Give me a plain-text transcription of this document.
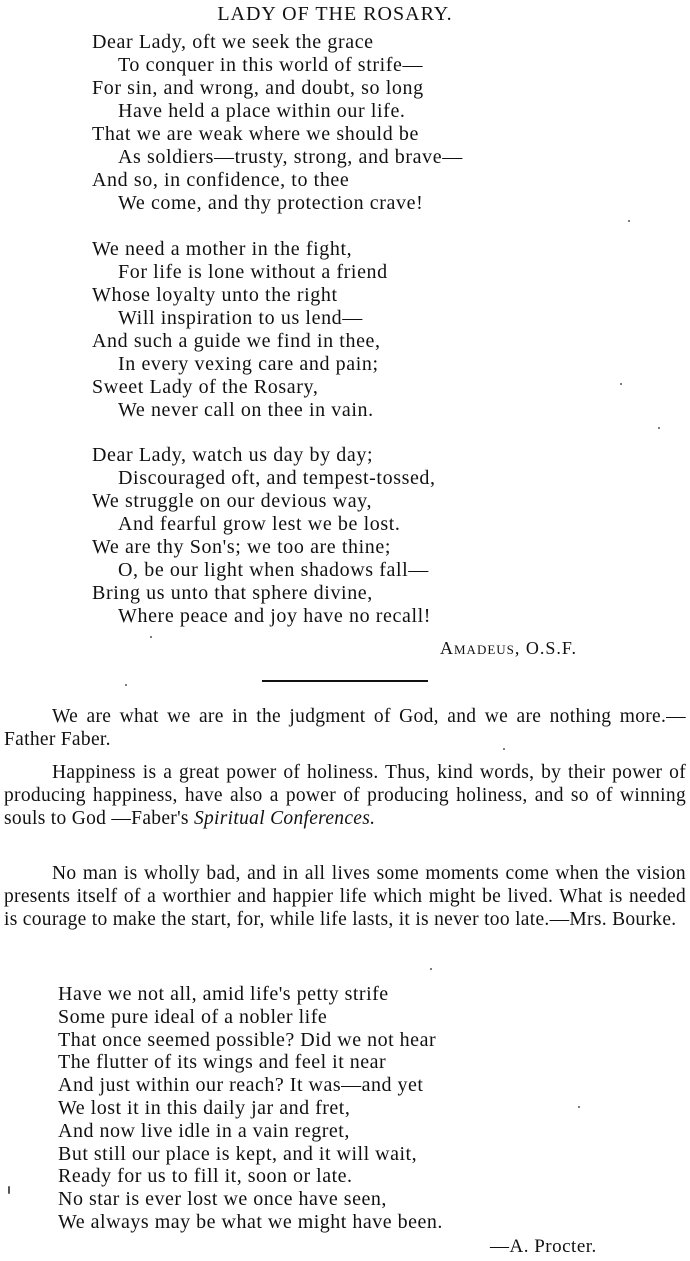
LADY OF THE ROSARY.
Dear Lady, oft we seek the grace
To conquer in this world of strife—
For sin, and wrong, and doubt, so long
Have held a place within our life.
That we are weak where we should be
As soldiers—trusty, strong, and brave—
And so, in confidence, to thee
We come, and thy protection crave!
We need a mother in the fight,
For life is lone without a friend
Whose loyalty unto the right
Will inspiration to us lend—
And such a guide we find in thee,
In every vexing care and pain;
Sweet Lady of the Rosary,
We never call on thee in vain.
Dear Lady, watch us day by day;
Discouraged oft, and tempest-tossed,
We struggle on our devious way,
And fearful grow lest we be lost.
We are thy Son's; we too are thine;
O, be our light when shadows fall—
Bring us unto that sphere divine,
Where peace and joy have no recall!
Amadeus, O.S.F.
We are what we are in the judgment of God, and we are nothing more.—Father Faber.
Happiness is a great power of holiness. Thus, kind words, by their power of producing happiness, have also a power of producing holiness, and so of winning souls to God —Faber's Spiritual Conferences.
No man is wholly bad, and in all lives some moments come when the vision presents itself of a worthier and happier life which might be lived. What is needed is courage to make the start, for, while life lasts, it is never too late.—Mrs. Bourke.
Have we not all, amid life's petty strife
Some pure ideal of a nobler life
That once seemed possible? Did we not hear
The flutter of its wings and feel it near
And just within our reach? It was—and yet
We lost it in this daily jar and fret,
And now live idle in a vain regret,
But still our place is kept, and it will wait,
Ready for us to fill it, soon or late.
No star is ever lost we once have seen,
We always may be what we might have been.
—A. Procter.
